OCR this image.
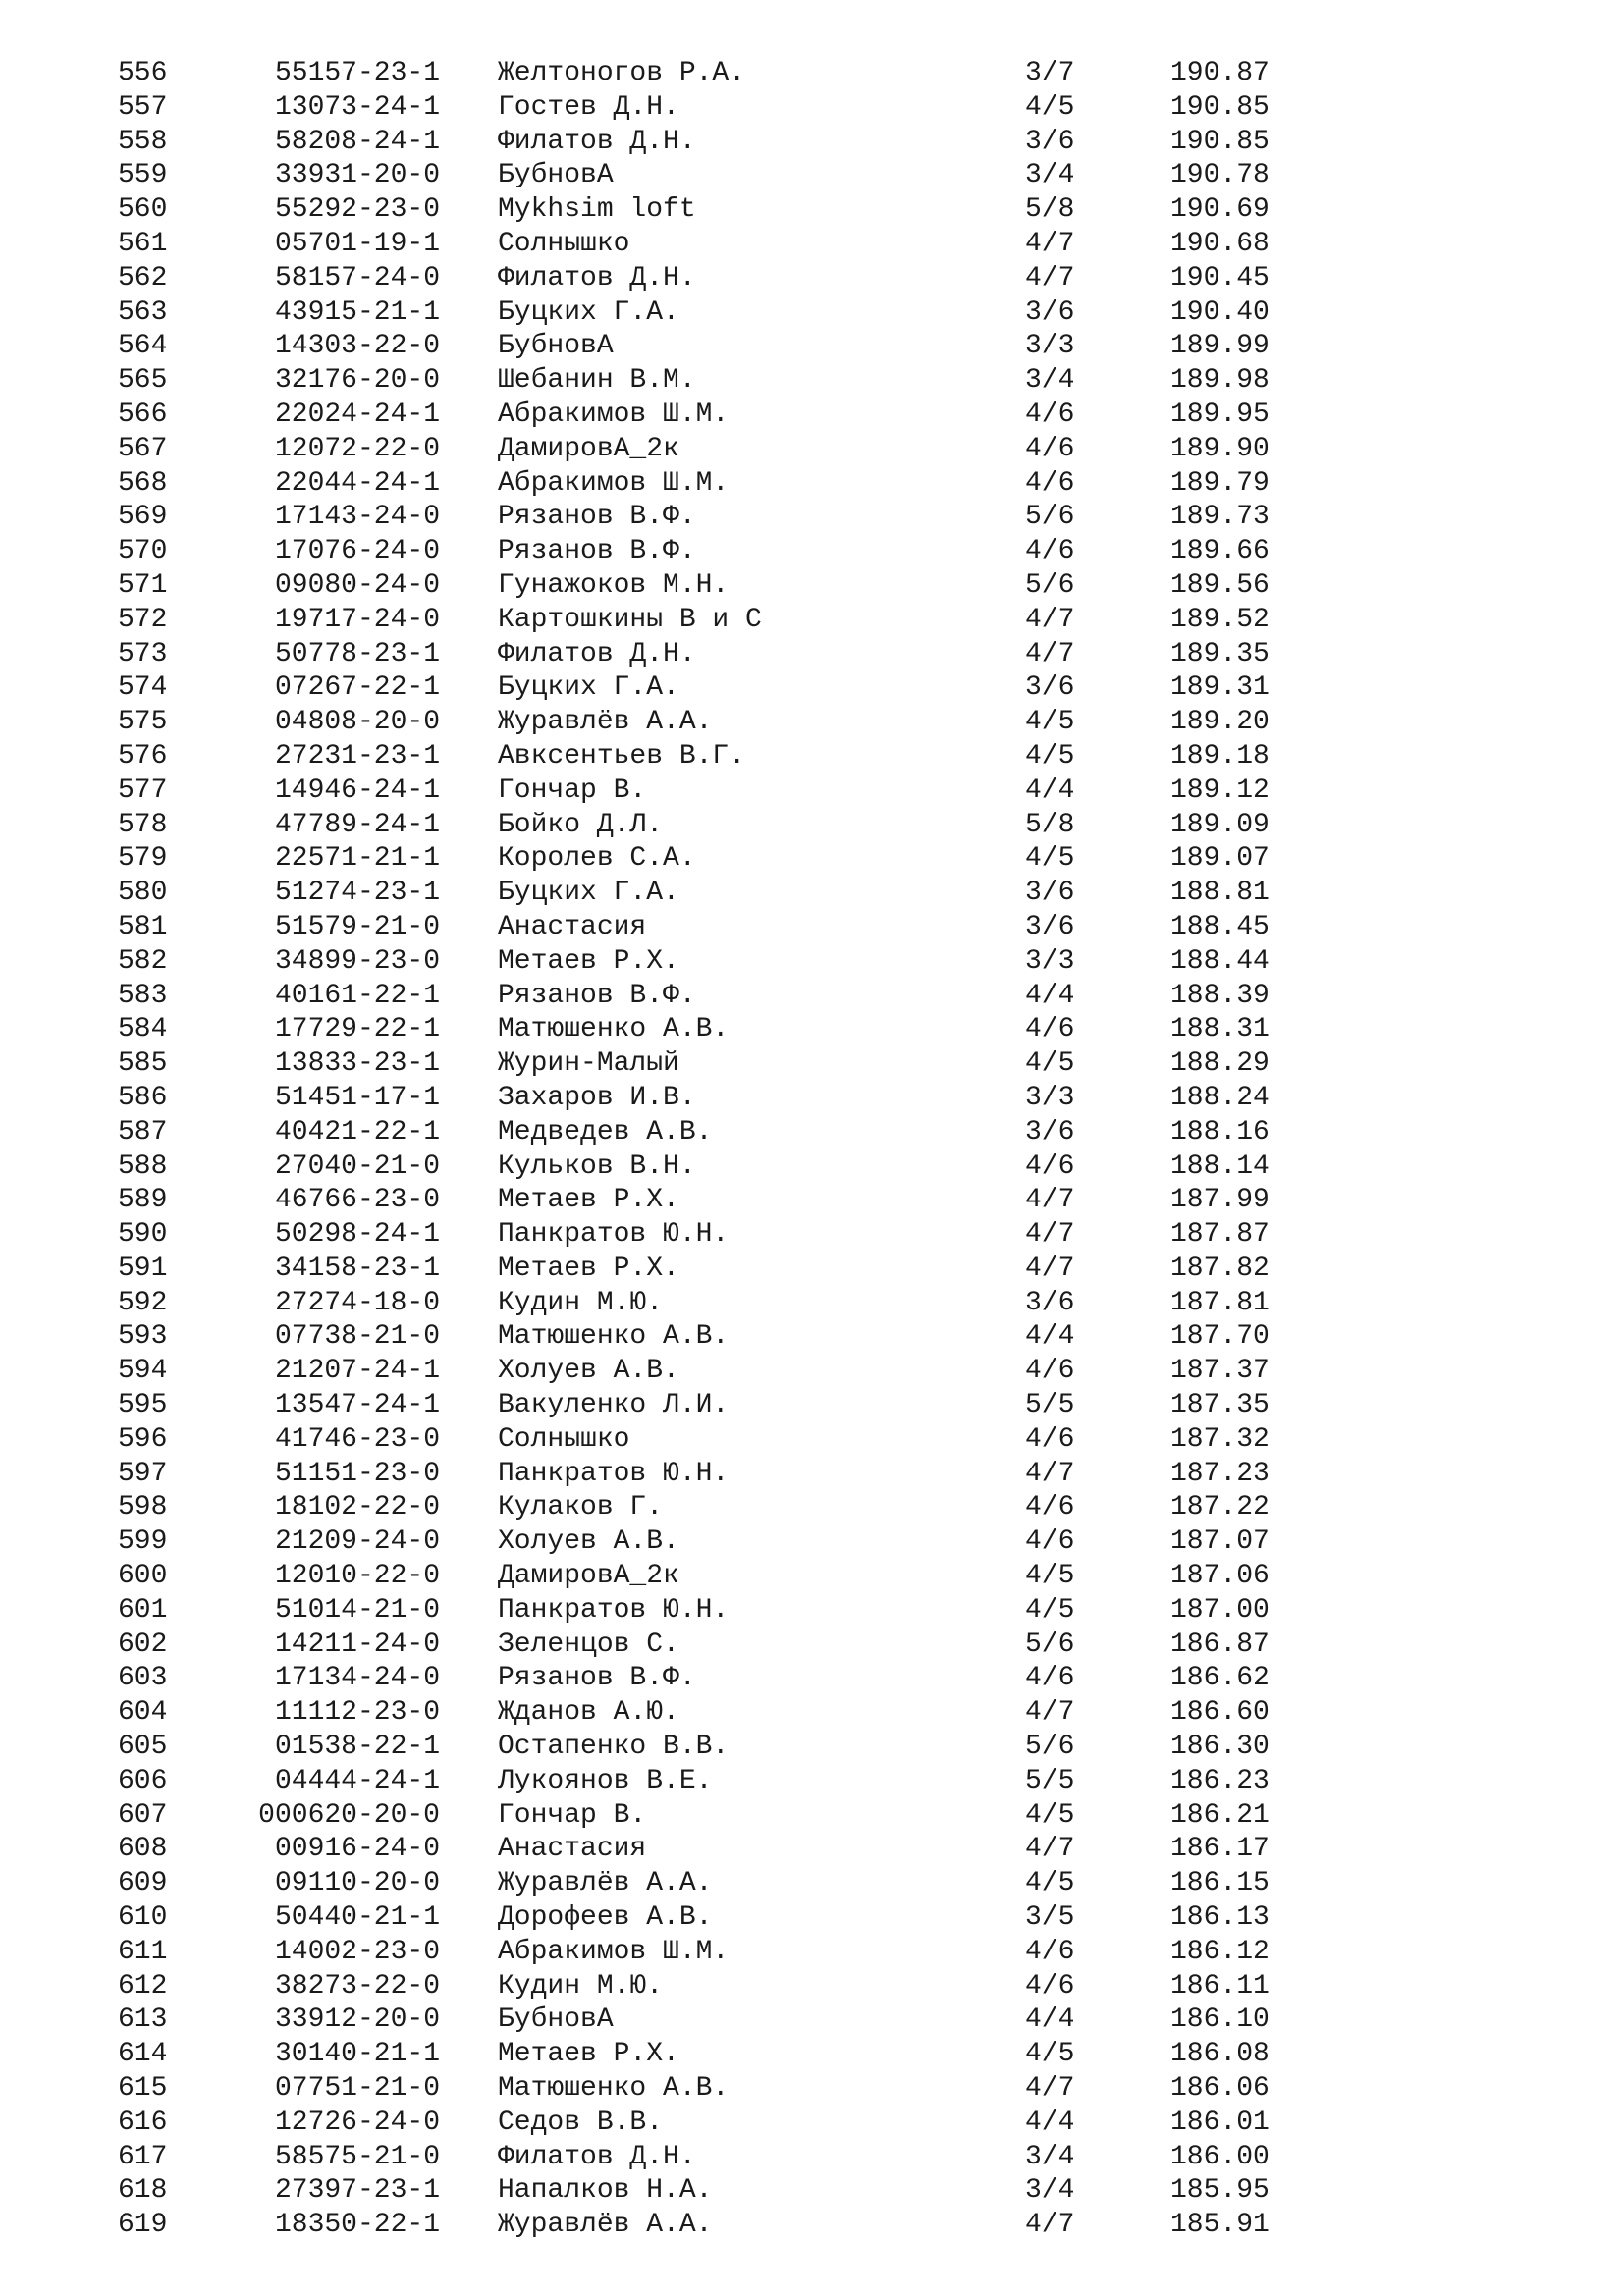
556	55157-23-1 Желтоногов Р.А.	3/7	190.87
557	13073-24-1 Гостев Д.Н.	4/5	190.85
558	58208-24-1 Филатов Д.Н.	3/6	190.85
559	33931-20-0 БубновА	3/4	190.78
560	55292-23-0 Mykhsim loft	5/8	190.69
561	05701-19-1 Солнышко	4/7	190.68
562	58157-24-0 Филатов Д.Н.	4/7	190.45
563	43915-21-1 Буцких Г.А.	3/6	190.40
564	14303-22-0 БубновА	3/3	189.99
565	32176-20-0 Шебанин В.М.	3/4	189.98
566	22024-24-1 Абракимов Ш.М.	4/6	189.95
567	12072-22-0 ДамировА_2к	4/6	189.90
568	22044-24-1 Абракимов Ш.М.	4/6	189.79
569	17143-24-0 Рязанов В.Ф.	5/6	189.73
570	17076-24-0 Рязанов В.Ф.	4/6	189.66
571	09080-24-0 Гунажоков М.Н.	5/6	189.56
572	19717-24-0 Картошкины В и С	4/7	189.52
573	50778-23-1 Филатов Д.Н.	4/7	189.35
574	07267-22-1 Буцких Г.А.	3/6	189.31
575	04808-20-0 Журавлёв А.А.	4/5	189.20
576	27231-23-1 Авксентьев В.Г.	4/5	189.18
577	14946-24-1 Гончар В.	4/4	189.12
578	47789-24-1 Бойко Д.Л.	5/8	189.09
579	22571-21-1 Королев С.А.	4/5	189.07
580	51274-23-1 Буцких Г.А.	3/6	188.81
581	51579-21-0 Анастасия	3/6	188.45
582	34899-23-0 Метаев Р.Х.	3/3	188.44
583	40161-22-1 Рязанов В.Ф.	4/4	188.39
584	17729-22-1 Матюшенко А.В.	4/6	188.31
585	13833-23-1 Журин-Малый	4/5	188.29
586	51451-17-1 Захаров И.В.	3/3	188.24
587	40421-22-1 Медведев А.В.	3/6	188.16
588	27040-21-0 Кульков В.Н.	4/6	188.14
589	46766-23-0 Метаев Р.Х.	4/7	187.99
590	50298-24-1 Панкратов Ю.Н.	4/7	187.87
591	34158-23-1 Метаев Р.Х.	4/7	187.82
592	27274-18-0 Кудин М.Ю.	3/6	187.81
593	07738-21-0 Матюшенко А.В.	4/4	187.70
594	21207-24-1 Холуев А.В.	4/6	187.37
595	13547-24-1 Вакуленко Л.И.	5/5	187.35
596	41746-23-0 Солнышко	4/6	187.32
597	51151-23-0 Панкратов Ю.Н.	4/7	187.23
598	18102-22-0 Кулаков Г.	4/6	187.22
599	21209-24-0 Холуев А.В.	4/6	187.07
600	12010-22-0 ДамировА_2к	4/5	187.06
601	51014-21-0 Панкратов Ю.Н.	4/5	187.00
602	14211-24-0 Зеленцов С.	5/6	186.87
603	17134-24-0 Рязанов В.Ф.	4/6	186.62
604	11112-23-0 Жданов А.Ю.	4/7	186.60
605	01538-22-1 Остапенко В.В.	5/6	186.30
606	04444-24-1 Лукоянов В.Е.	5/5	186.23
607	000620-20-0 Гончар В.	4/5	186.21
608	00916-24-0 Анастасия	4/7	186.17
609	09110-20-0 Журавлёв А.А.	4/5	186.15
610	50440-21-1 Дорофеев А.В.	3/5	186.13
611	14002-23-0 Абракимов Ш.М.	4/6	186.12
612	38273-22-0 Кудин М.Ю.	4/6	186.11
613	33912-20-0 БубновА	4/4	186.10
614	30140-21-1 Метаев Р.Х.	4/5	186.08
615	07751-21-0 Матюшенко А.В.	4/7	186.06
616	12726-24-0 Седов В.В.	4/4	186.01
617	58575-21-0 Филатов Д.Н.	3/4	186.00
618	27397-23-1 Напалков Н.А.	3/4	185.95
619	18350-22-1 Журавлёв А.А.	4/7	185.91
